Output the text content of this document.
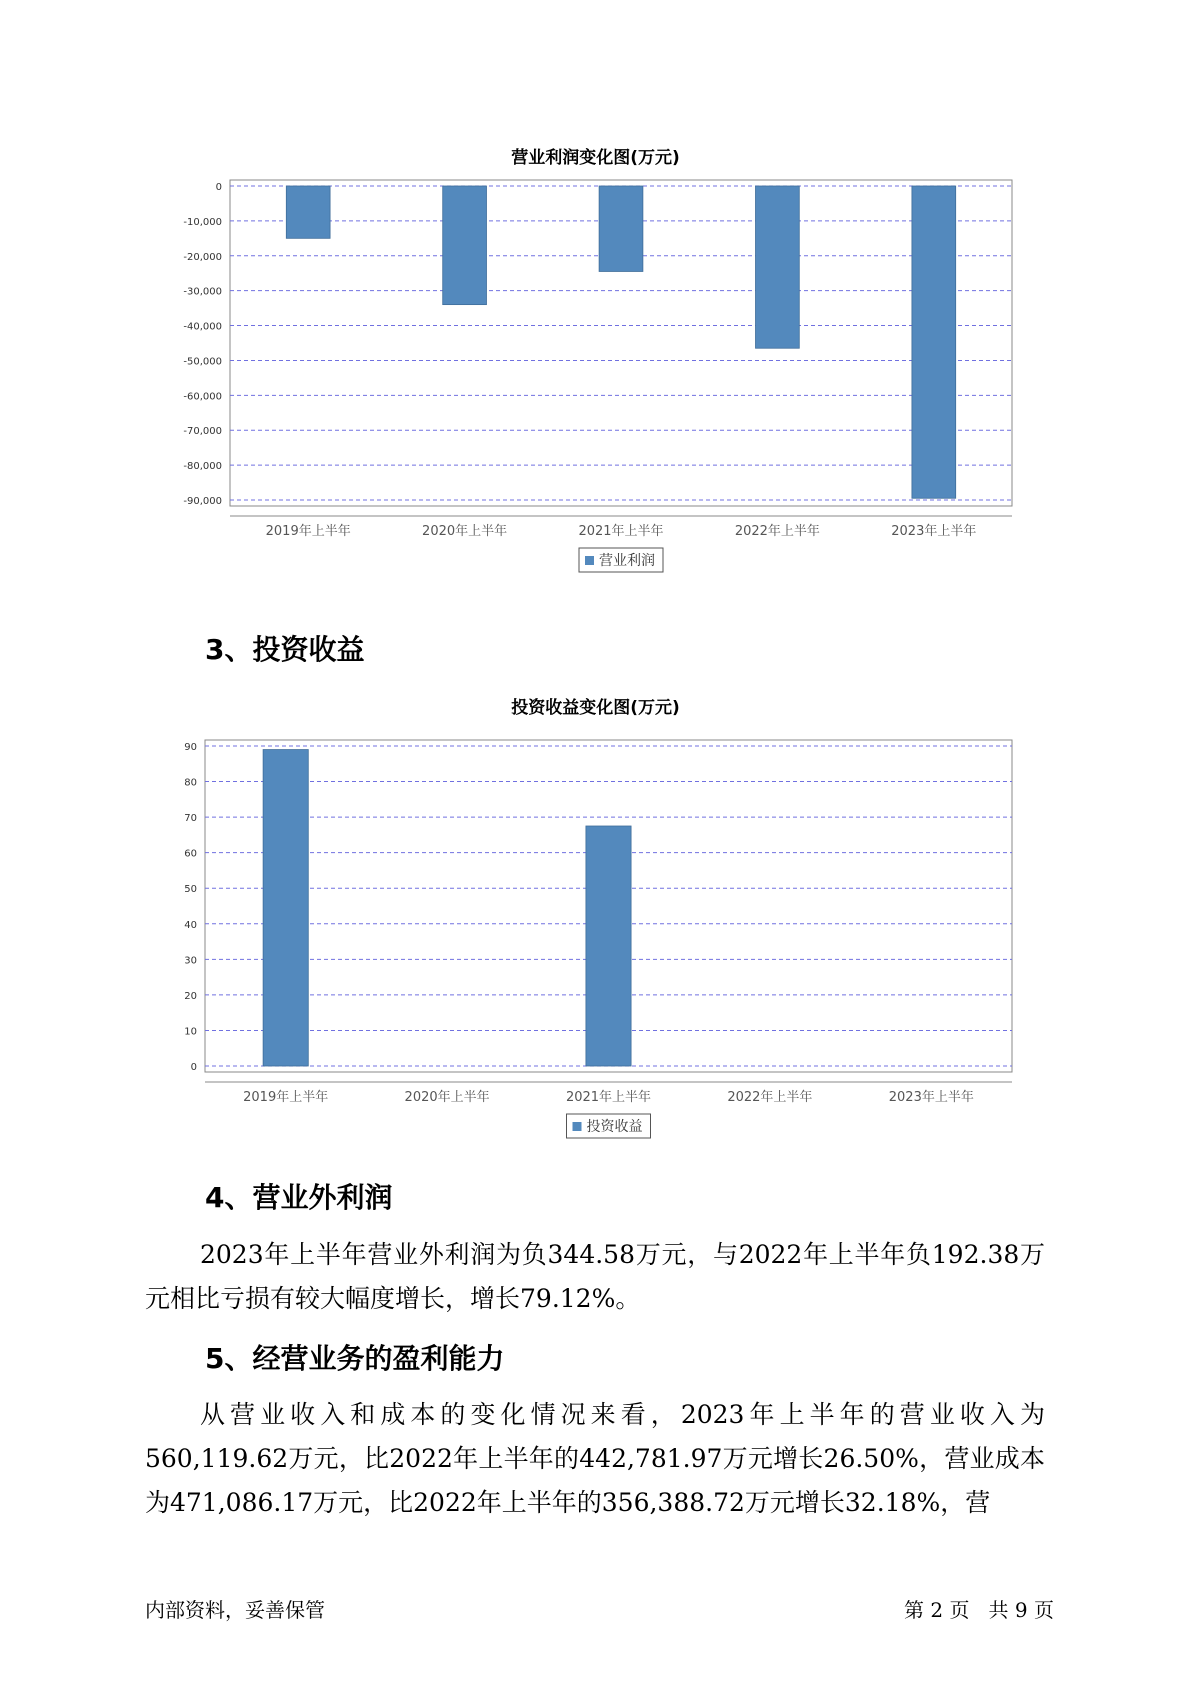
营业利润变化图(万元)
0
-10,000
-20,000
-30,000
-40,000
-50,000
-60,000
-70,000
-80,000
-90,000
2019年上半年	2020年上半年	2021年上半年	2022年上半年	2023年上半年
营业利润
3、投资收益
投资收益变化图(万元)
90
80
70
60
50
40
30
20
10
0
2019年上半年	2020年上半年	2021年上半年	2022年上半年	2023年上半年
投资收益
4、营业外利润

2023年上半年营业外利润为负344.58万元，与2022年上半年负192.38万元相比亏损有较大幅度增长，增长79.12%。

5、经营业务的盈利能力

从营业收入和成本的变化情况来看，2023年上半年的营业收入为560,119.62万元，比2022年上半年的442,781.97万元增长26.50%，营业成本为471,086.17万元，比2022年上半年的356,388.72万元增长32.18%，营

内部资料，妥善保管	第 2 页   共 9 页
